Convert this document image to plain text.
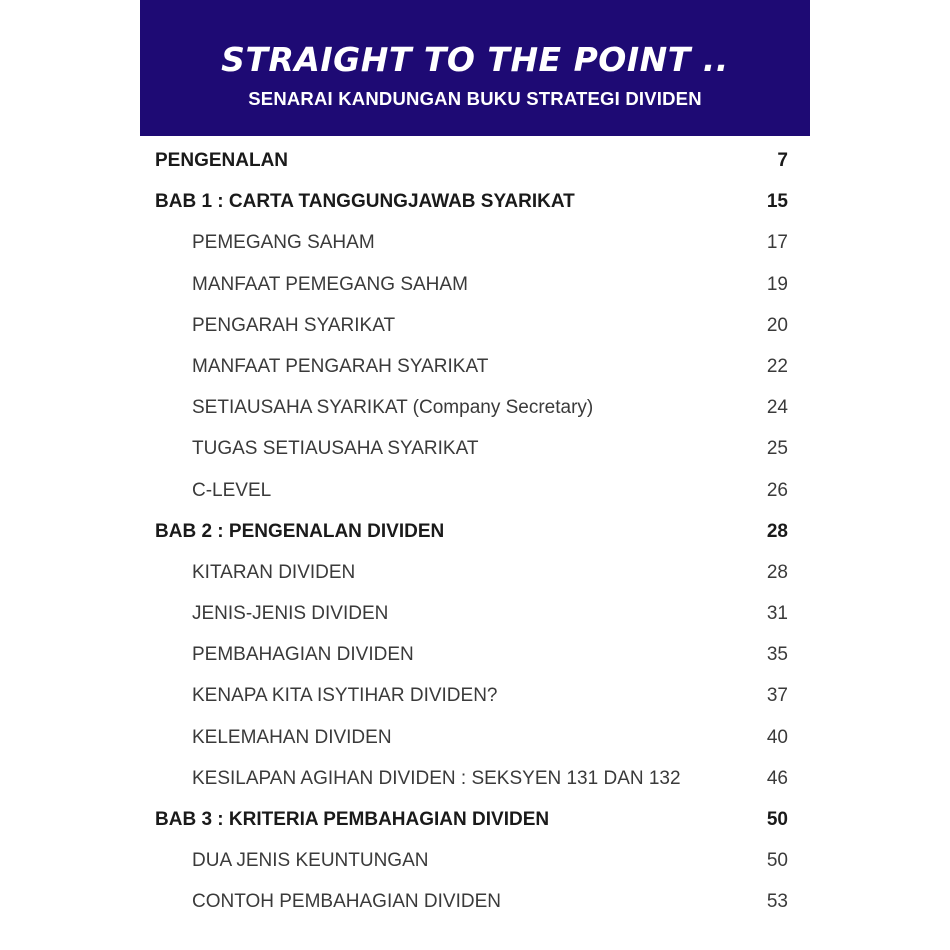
STRAIGHT TO THE POINT ..
SENARAI KANDUNGAN BUKU STRATEGI DIVIDEN
PENGENALAN	7
BAB 1 : CARTA TANGGUNGJAWAB SYARIKAT	15
PEMEGANG SAHAM	17
MANFAAT PEMEGANG SAHAM	19
PENGARAH SYARIKAT	20
MANFAAT PENGARAH SYARIKAT	22
SETIAUSAHA SYARIKAT (Company Secretary)	24
TUGAS SETIAUSAHA SYARIKAT	25
C-LEVEL	26
BAB 2 : PENGENALAN DIVIDEN	28
KITARAN DIVIDEN	28
JENIS-JENIS DIVIDEN	31
PEMBAHAGIAN DIVIDEN	35
KENAPA KITA ISYTIHAR DIVIDEN?	37
KELEMAHAN DIVIDEN	40
KESILAPAN AGIHAN DIVIDEN : SEKSYEN 131 DAN 132	46
BAB 3 : KRITERIA PEMBAHAGIAN DIVIDEN	50
DUA JENIS KEUNTUNGAN	50
CONTOH PEMBAHAGIAN DIVIDEN	53
